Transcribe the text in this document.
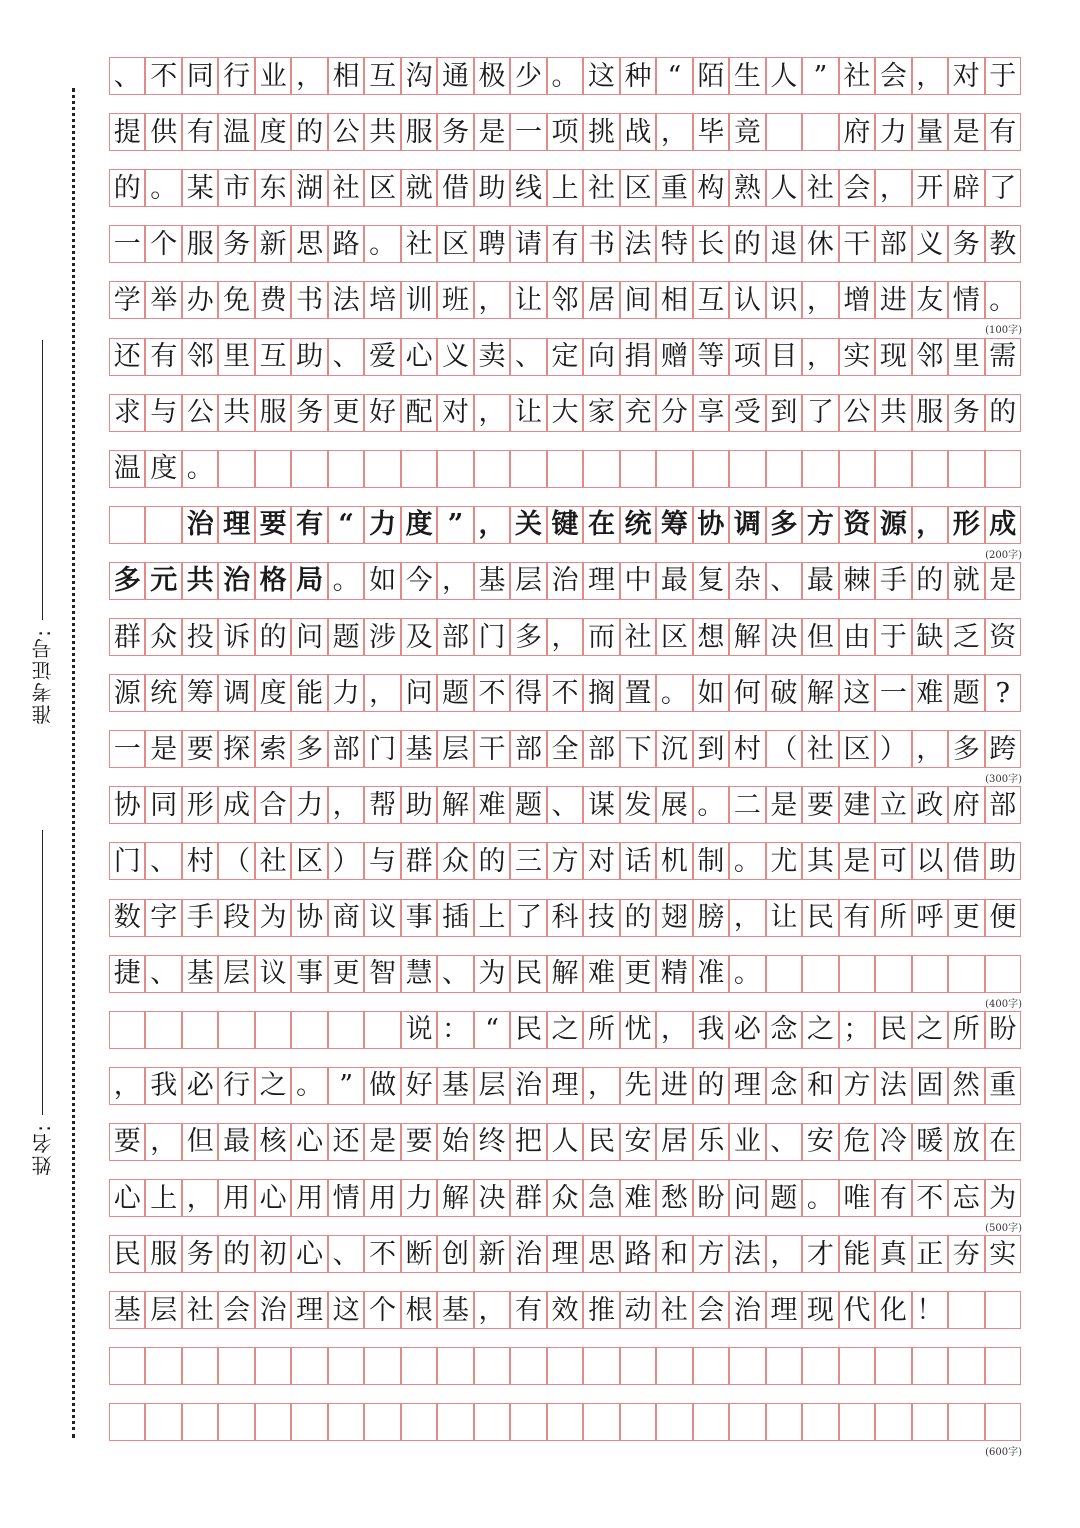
准考证号:
姓名:
、 不 同 行 业 ， 相 互 沟 通 极 少 。 这 种 “ 陌 生 人 ” 社 会 ， 对 于
提 供 有 温 度 的 公 共 服 务 是 一 项 挑 战 ， 毕 竟	府 力 量 是 有
的 。 某 市 东 湖 社 区 就 借 助 线 上 社 区 重 构 熟 人 社 会 ， 开 辟 了
一 个 服 务 新 思 路 。 社 区 聘 请 有 书 法 特 长 的 退 休 干 部 义 务 教
学 举 办 免 费 书 法 培 训 班 ， 让 邻 居 间 相 互 认 识 ， 增 进 友 情 。
(100字)
还 有 邻 里 互 助 、 爱 心 义 卖 、 定 向 捐 赠 等 项 目 ， 实 现 邻 里 需
求 与 公 共 服 务 更 好 配 对 ， 让 大 家 充 分 享 受 到 了 公 共 服 务 的
温 度 。
治 理 要 有 “ 力 度 ” ， 关 键 在 统 筹 协 调 多 方 资 源 ， 形 成
(200字)
多 元 共 治 格 局 。 如 今 ， 基 层 治 理 中 最 复 杂 、 最 棘 手 的 就 是
群 众 投 诉 的 问 题 涉 及 部 门 多 ， 而 社 区 想 解 决 但 由 于 缺 乏 资
源 统 筹 调 度 能 力 ， 问 题 不 得 不 搁 置 。 如 何 破 解 这 一 难 题 ?
一 是 要 探 索 多 部 门 基 层 干 部 全 部 下 沉 到 村 （ 社 区 ） ， 多 跨
(300字)
协 同 形 成 合 力 ， 帮 助 解 难 题 、 谋 发 展 。 二 是 要 建 立 政 府 部
门 、 村 （ 社 区 ） 与 群 众 的 三 方 对 话 机 制 。 尤 其 是 可 以 借 助
数 字 手 段 为 协 商 议 事 插 上 了 科 技 的 翅 膀 ， 让 民 有 所 呼 更 便
捷 、 基 层 议 事 更 智 慧 、 为 民 解 难 更 精 准 。
(400字)
说 ： “ 民 之 所 忧 ， 我 必 念 之 ； 民 之 所 盼
， 我 必 行 之 。 ” 做 好 基 层 治 理 ， 先 进 的 理 念 和 方 法 固 然 重
要 ， 但 最 核 心 还 是 要 始 终 把 人 民 安 居 乐 业 、 安 危 冷 暖 放 在
心 上 ， 用 心 用 情 用 力 解 决 群 众 急 难 愁 盼 问 题 。 唯 有 不 忘 为
(500字)
民 服 务 的 初 心 、 不 断 创 新 治 理 思 路 和 方 法 ， 才 能 真 正 夯 实
基 层 社 会 治 理 这 个 根 基 ， 有 效 推 动 社 会 治 理 现 代 化 ！
(600字)
